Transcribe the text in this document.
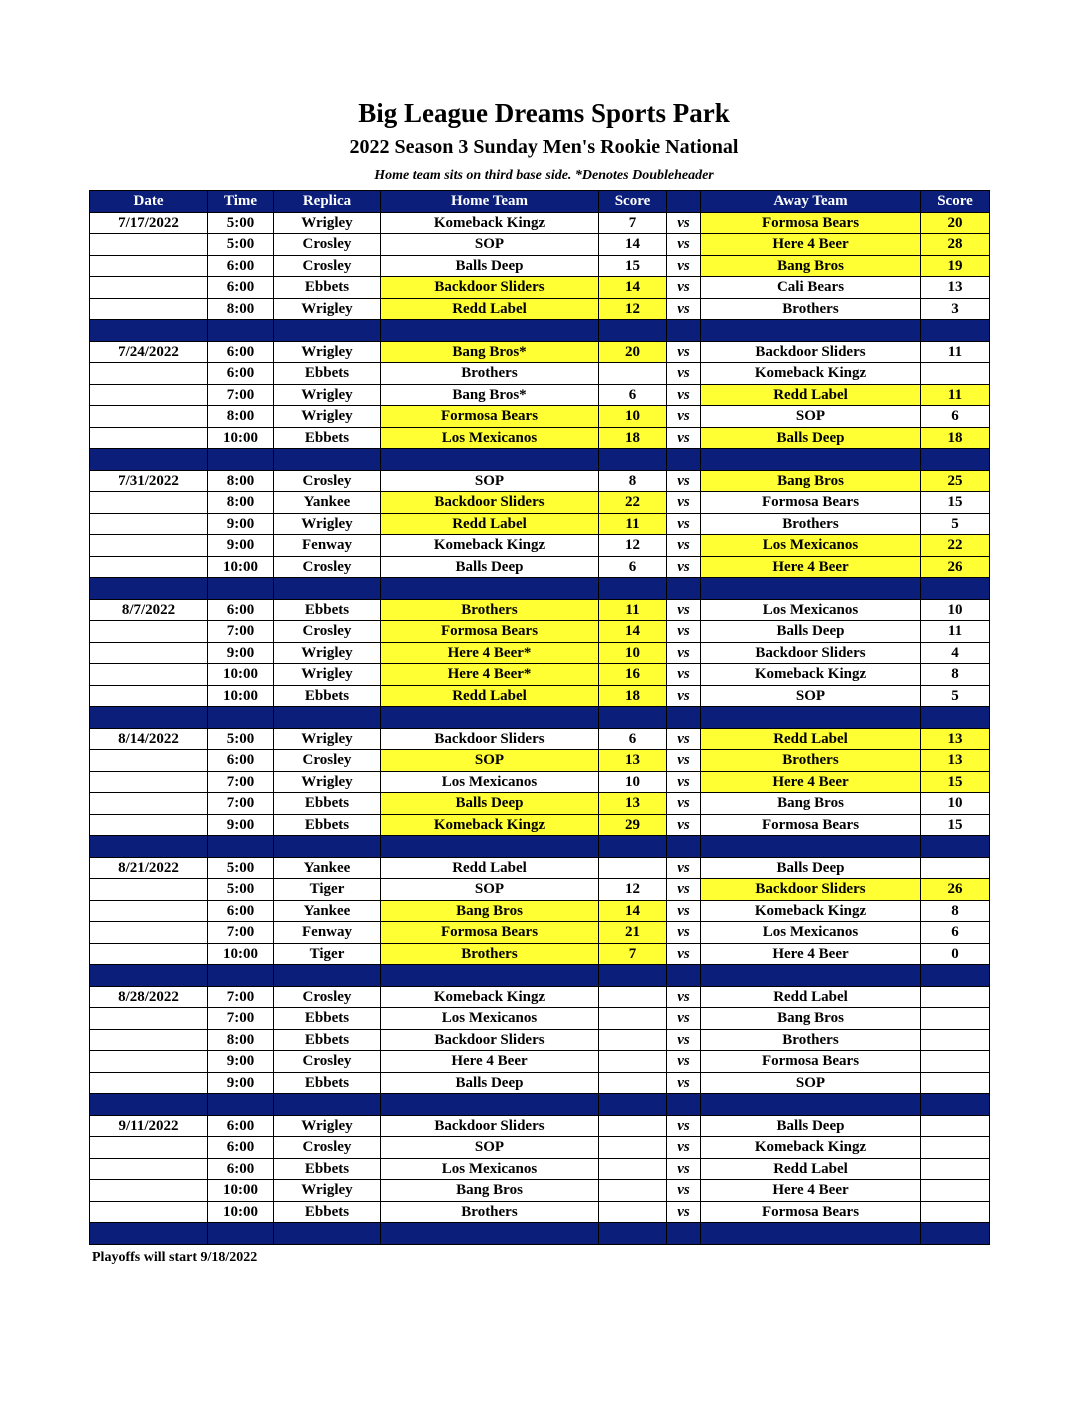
Big League Dreams Sports Park
2022 Season 3 Sunday Men's Rookie National

Home team sits on third base side. *Denotes Doubleheader

Date	Time	Replica	Home Team	Score		Away Team	Score
7/17/2022	5:00	Wrigley	Komeback Kingz	7	vs	Formosa Bears	20
	5:00	Crosley	SOP	14	vs	Here 4 Beer	28
	6:00	Crosley	Balls Deep	15	vs	Bang Bros	19
	6:00	Ebbets	Backdoor Sliders	14	vs	Cali Bears	13
	8:00	Wrigley	Redd Label	12	vs	Brothers	3

7/24/2022	6:00	Wrigley	Bang Bros*	20	vs	Backdoor Sliders	11
	6:00	Ebbets	Brothers		vs	Komeback Kingz	
	7:00	Wrigley	Bang Bros*	6	vs	Redd Label	11
	8:00	Wrigley	Formosa Bears	10	vs	SOP	6
	10:00	Ebbets	Los Mexicanos	18	vs	Balls Deep	18

7/31/2022	8:00	Crosley	SOP	8	vs	Bang Bros	25
	8:00	Yankee	Backdoor Sliders	22	vs	Formosa Bears	15
	9:00	Wrigley	Redd Label	11	vs	Brothers	5
	9:00	Fenway	Komeback Kingz	12	vs	Los Mexicanos	22
	10:00	Crosley	Balls Deep	6	vs	Here 4 Beer	26

8/7/2022	6:00	Ebbets	Brothers	11	vs	Los Mexicanos	10
	7:00	Crosley	Formosa Bears	14	vs	Balls Deep	11
	9:00	Wrigley	Here 4 Beer*	10	vs	Backdoor Sliders	4
	10:00	Wrigley	Here 4 Beer*	16	vs	Komeback Kingz	8
	10:00	Ebbets	Redd Label	18	vs	SOP	5

8/14/2022	5:00	Wrigley	Backdoor Sliders	6	vs	Redd Label	13
	6:00	Crosley	SOP	13	vs	Brothers	13
	7:00	Wrigley	Los Mexicanos	10	vs	Here 4 Beer	15
	7:00	Ebbets	Balls Deep	13	vs	Bang Bros	10
	9:00	Ebbets	Komeback Kingz	29	vs	Formosa Bears	15

8/21/2022	5:00	Yankee	Redd Label		vs	Balls Deep	
	5:00	Tiger	SOP	12	vs	Backdoor Sliders	26
	6:00	Yankee	Bang Bros	14	vs	Komeback Kingz	8
	7:00	Fenway	Formosa Bears	21	vs	Los Mexicanos	6
	10:00	Tiger	Brothers	7	vs	Here 4 Beer	0

8/28/2022	7:00	Crosley	Komeback Kingz		vs	Redd Label	
	7:00	Ebbets	Los Mexicanos		vs	Bang Bros	
	8:00	Ebbets	Backdoor Sliders		vs	Brothers	
	9:00	Crosley	Here 4 Beer		vs	Formosa Bears	
	9:00	Ebbets	Balls Deep		vs	SOP	

9/11/2022	6:00	Wrigley	Backdoor Sliders		vs	Balls Deep	
	6:00	Crosley	SOP		vs	Komeback Kingz	
	6:00	Ebbets	Los Mexicanos		vs	Redd Label	
	10:00	Wrigley	Bang Bros		vs	Here 4 Beer	
	10:00	Ebbets	Brothers		vs	Formosa Bears	

Playoffs will start 9/18/2022
